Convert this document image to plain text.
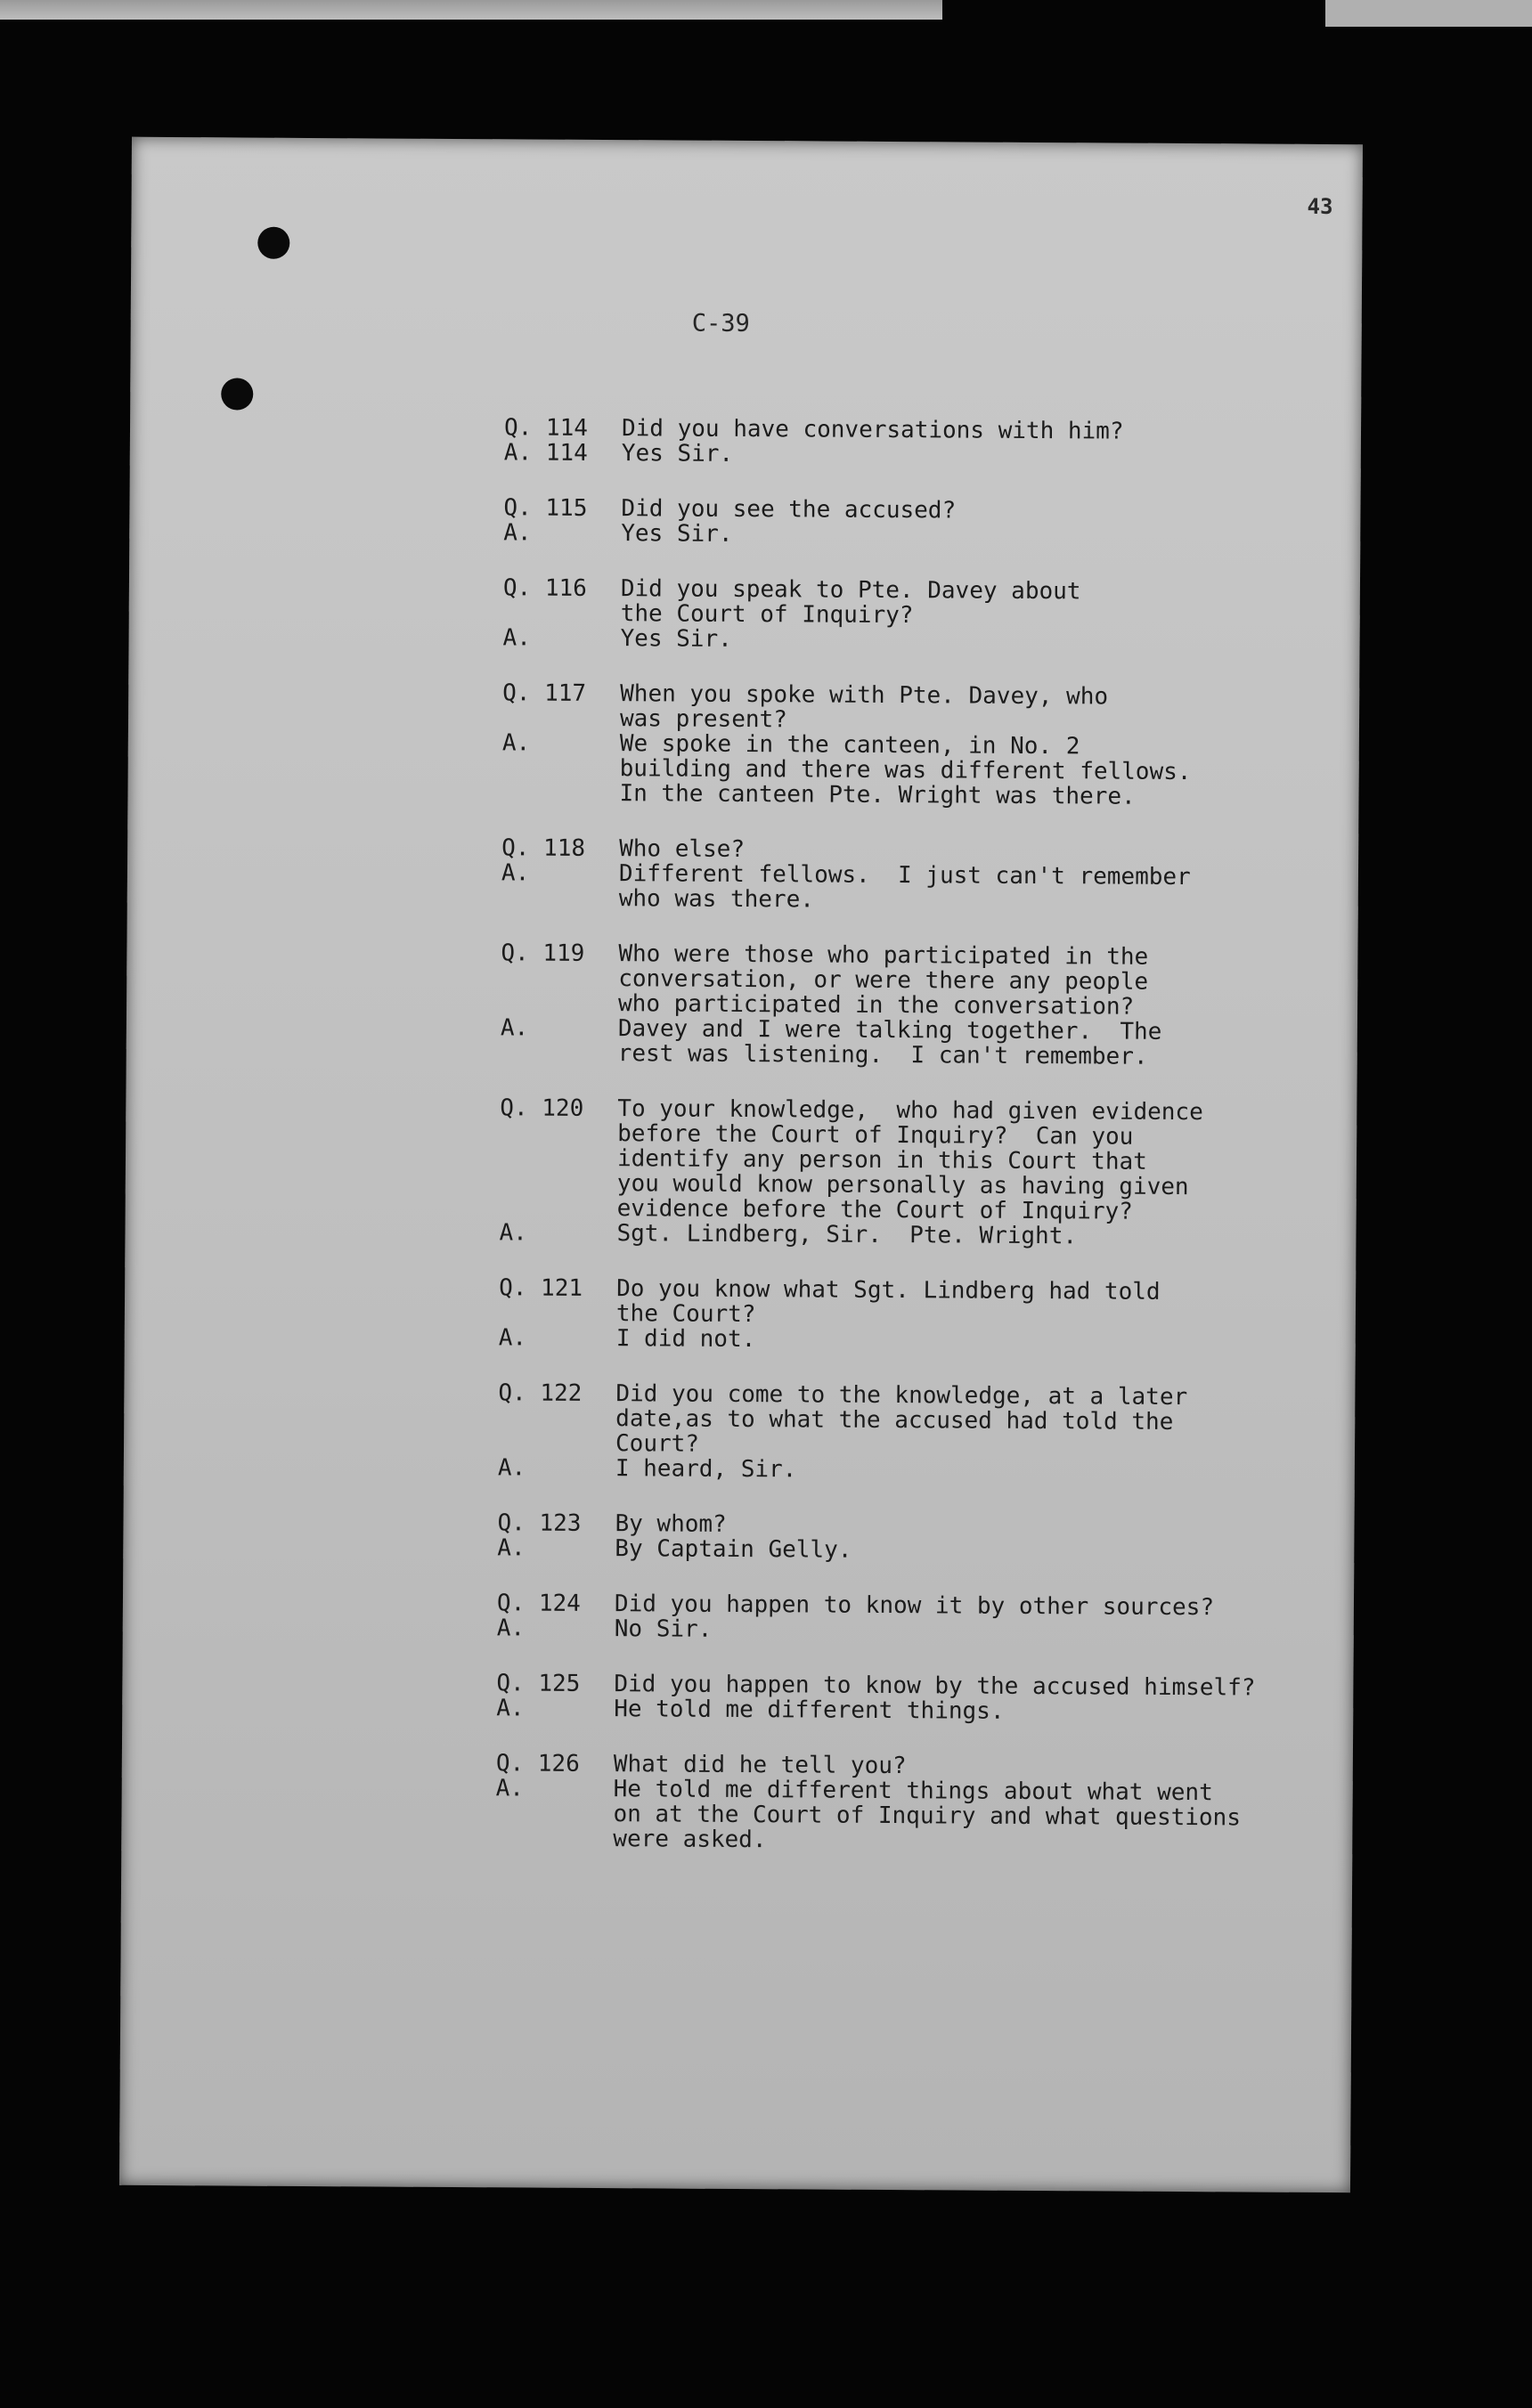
43
C-39
Q. 114	Did you have conversations with him?
A. 114	Yes Sir.
Q. 115	Did you see the accused?
A.	Yes Sir.
Q. 116	Did you speak to Pte. Davey about
the Court of Inquiry?
A.	Yes Sir.
Q. 117	When you spoke with Pte. Davey, who
was present?
A.	We spoke in the canteen, in No. 2
building and there was different fellows.
In the canteen Pte. Wright was there.
Q. 118	Who else?
A.	Different fellows.  I just can't remember
who was there.
Q. 119	Who were those who participated in the
conversation, or were there any people
who participated in the conversation?
A.	Davey and I were talking together.  The
rest was listening.  I can't remember.
Q. 120	To your knowledge,  who had given evidence
before the Court of Inquiry?  Can you
identify any person in this Court that
you would know personally as having given
evidence before the Court of Inquiry?
A.	Sgt. Lindberg, Sir.  Pte. Wright.
Q. 121	Do you know what Sgt. Lindberg had told
the Court?
A.	I did not.
Q. 122	Did you come to the knowledge, at a later
date,as to what the accused had told the
Court?
A.	I heard, Sir.
Q. 123	By whom?
A.	By Captain Gelly.
Q. 124	Did you happen to know it by other sources?
A.	No Sir.
Q. 125	Did you happen to know by the accused himself?
A.	He told me different things.
Q. 126	What did he tell you?
A.	He told me different things about what went
on at the Court of Inquiry and what questions
were asked.
